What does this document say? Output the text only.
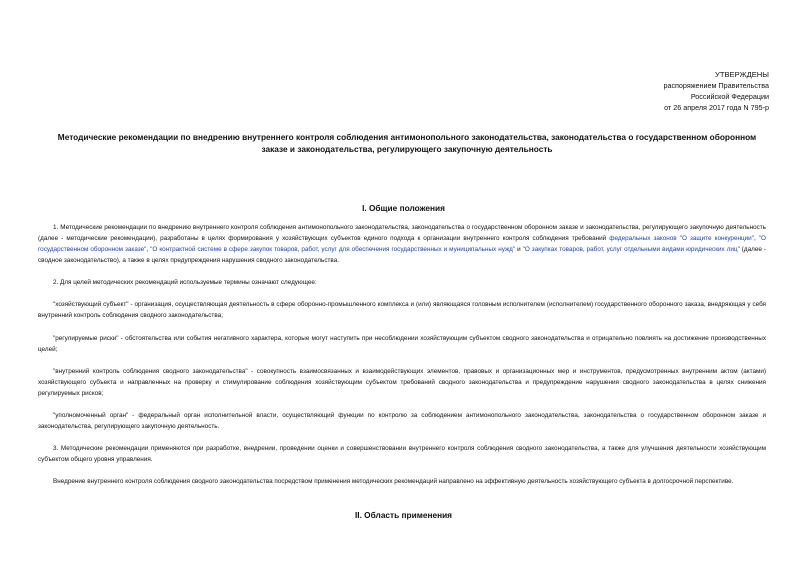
УТВЕРЖДЕНЫ
распоряжением Правительства
Российской Федерации
от 26 апреля 2017 года N 795-р
Методические рекомендации по внедрению внутреннего контроля соблюдения антимонопольного законодательства, законодательства о государственном оборонном заказе и законодательства, регулирующего закупочную деятельность
I. Общие положения

1. Методические рекомендации по внедрению внутреннего контроля соблюдения антимонопольного законодательства, законодательства о государственном оборонном заказе и законодательства, регулирующего закупочную деятельность (далее - методические рекомендации), разработаны в целях формирования у хозяйствующих субъектов единого подхода к организации внутреннего контроля соблюдения требований федеральных законов "О защите конкуренции", "О государственном оборонном заказе", "О контрактной системе в сфере закупок товаров, работ, услуг для обеспечения государственных и муниципальных нужд" и "О закупках товаров, работ, услуг отдельными видами юридических лиц" (далее - сводное законодательство), а также в целях предупреждения нарушения сводного законодательства.

2. Для целей методических рекомендаций используемые термины означают следующее:

"хозяйствующий субъект" - организация, осуществляющая деятельность в сфере оборонно-промышленного комплекса и (или) являющаяся головным исполнителем (исполнителем) государственного оборонного заказа, внедряющая у себя внутренний контроль соблюдения сводного законодательства;

"регулируемые риски" - обстоятельства или события негативного характера, которые могут наступить при несоблюдении хозяйствующим субъектом сводного законодательства и отрицательно повлиять на достижение производственных целей;

"внутренний контроль соблюдения сводного законодательства" - совокупность взаимосвязанных и взаимодействующих элементов, правовых и организационных мер и инструментов, предусмотренных внутренним актом (актами) хозяйствующего субъекта и направленных на проверку и стимулирование соблюдения хозяйствующим субъектом требований сводного законодательства и предупреждение нарушения сводного законодательства в целях снижения регулируемых рисков;

"уполномоченный орган" - федеральный орган исполнительной власти, осуществляющий функции по контролю за соблюдением антимонопольного законодательства, законодательства о государственном оборонном заказе и законодательства, регулирующего закупочную деятельность.

3. Методические рекомендации применяются при разработке, внедрении, проведении оценки и совершенствовании внутреннего контроля соблюдения сводного законодательства, а также для улучшения деятельности хозяйствующим субъектом общего уровня управления.

Внедрение внутреннего контроля соблюдения сводного законодательства посредством применения методических рекомендаций направлено на эффективную деятельность хозяйствующего субъекта в долгосрочной перспективе.

II. Область применения
